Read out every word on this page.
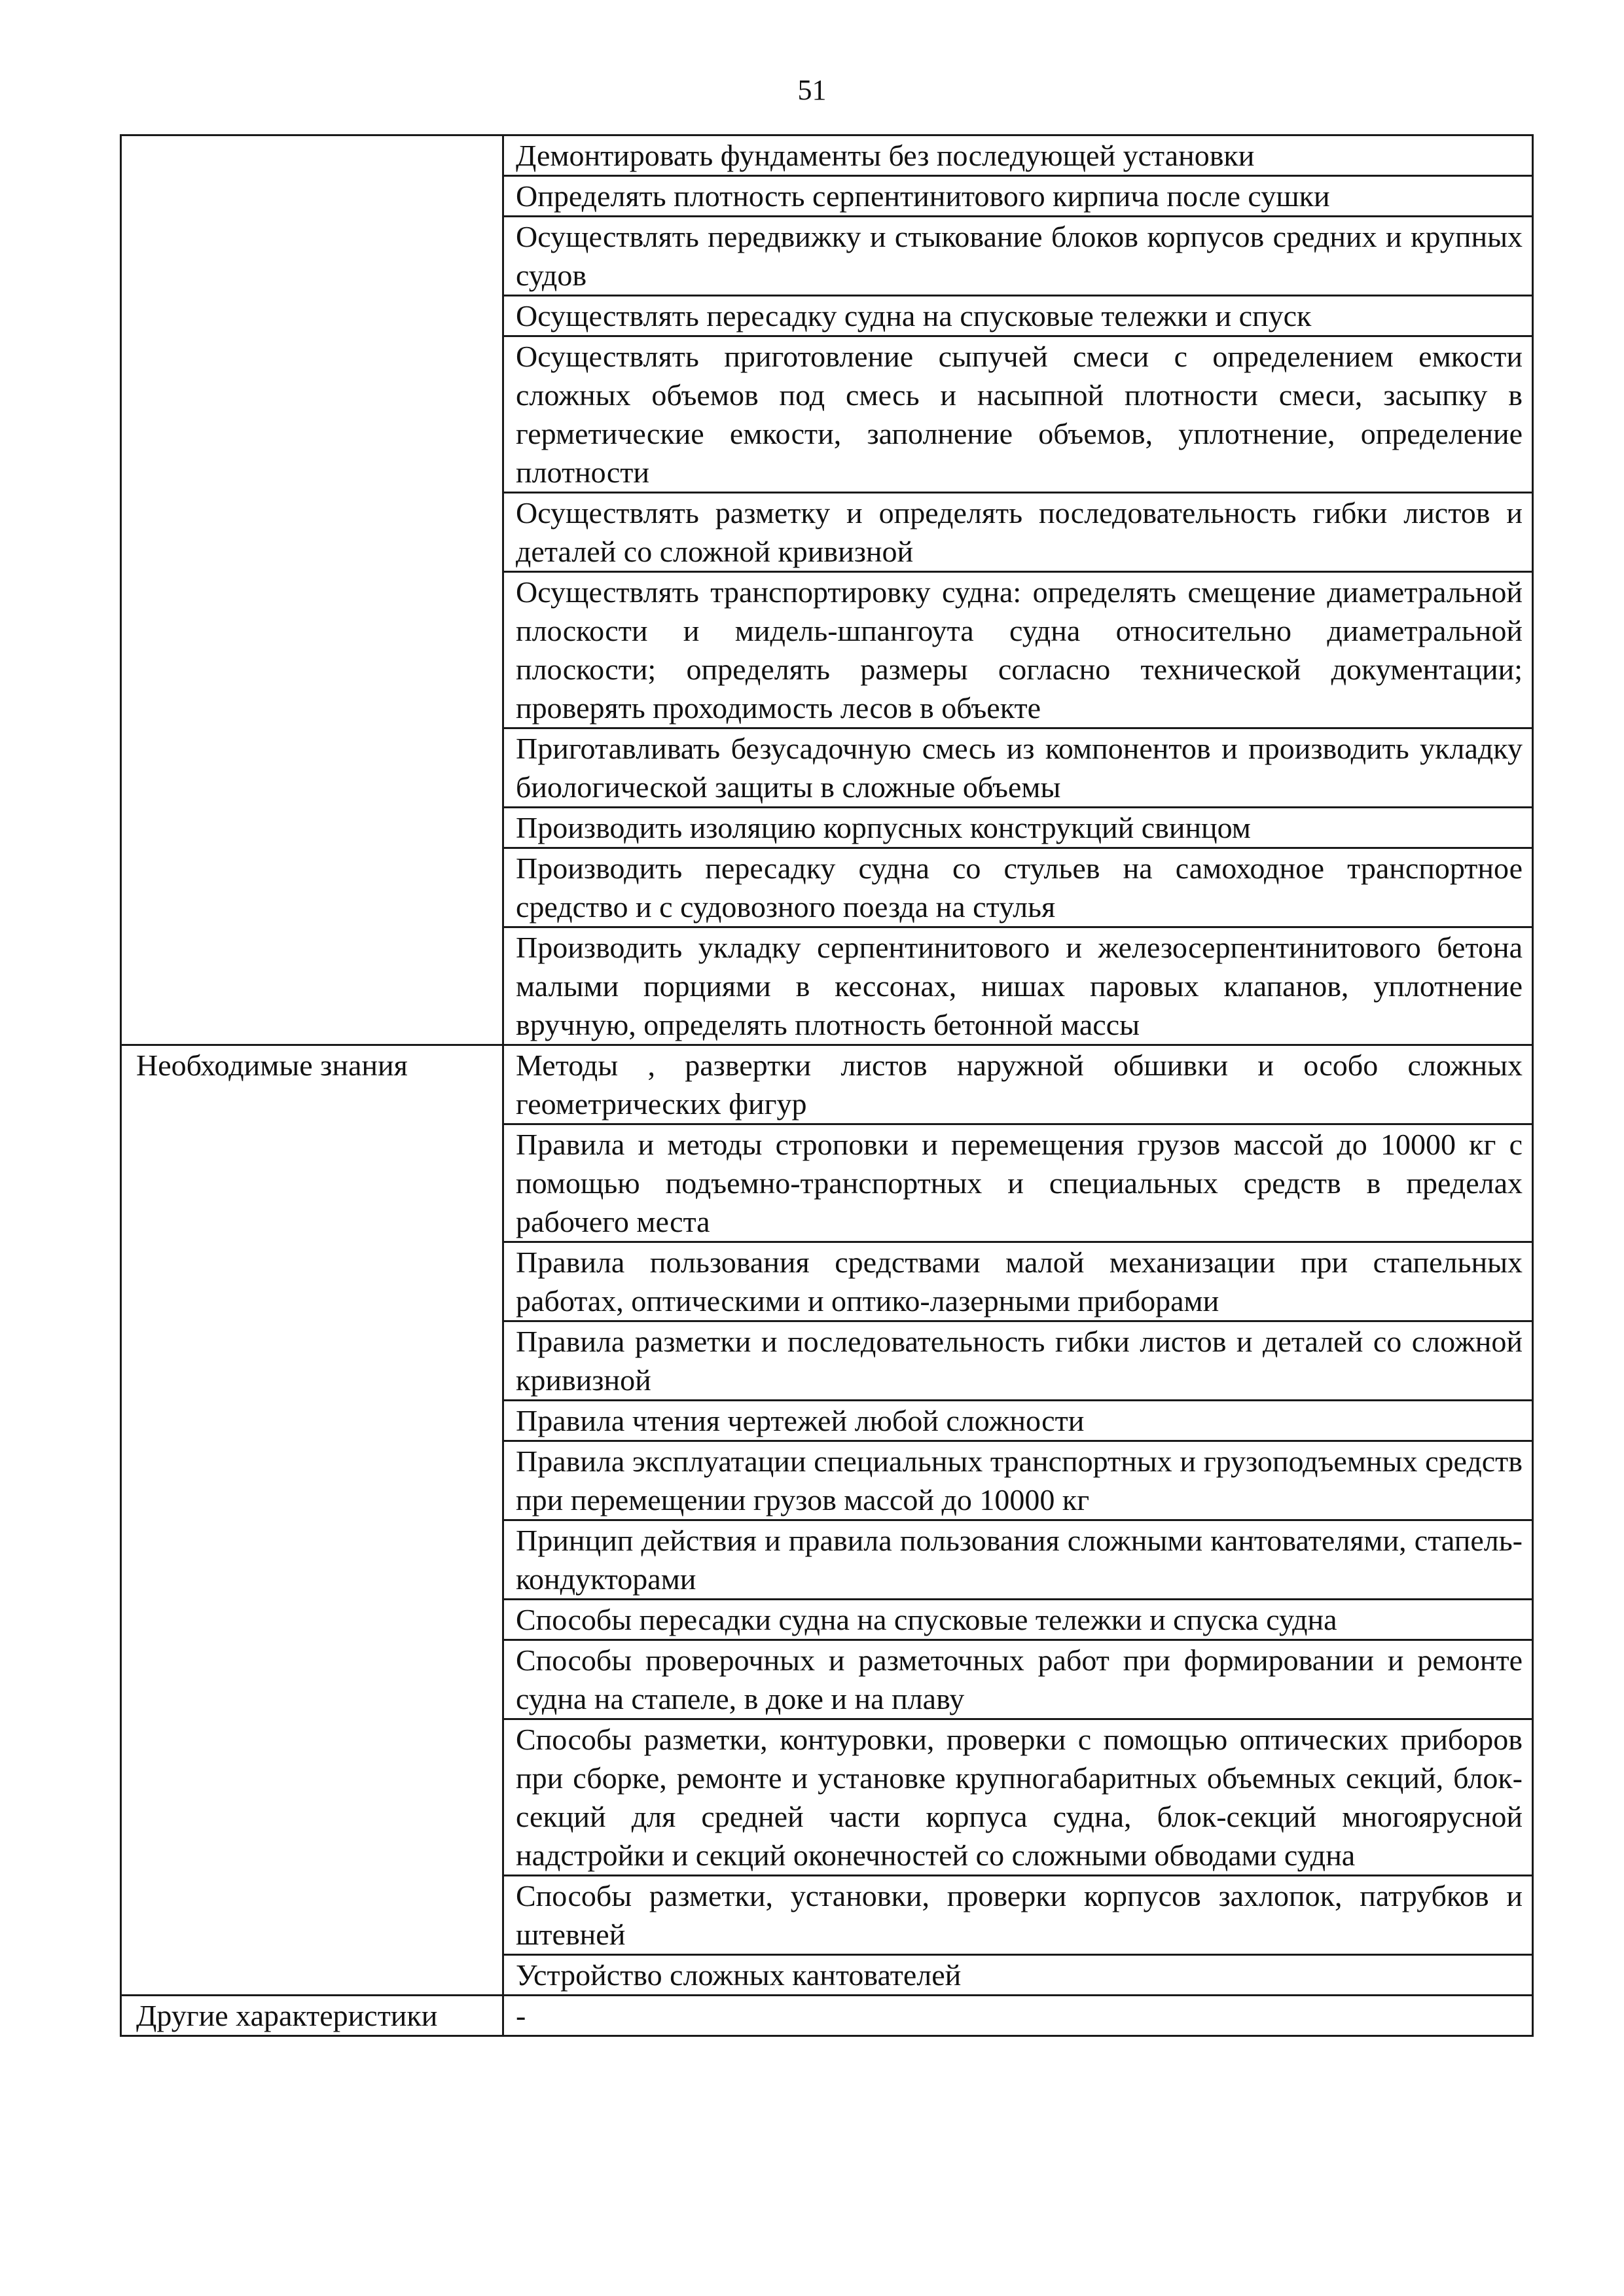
51
	Демонтировать фундаменты без последующей установки
	Определять плотность серпентинитового кирпича после сушки
	Осуществлять передвижку и стыкование блоков корпусов средних и крупных судов
	Осуществлять пересадку судна на спусковые тележки и спуск
	Осуществлять приготовление сыпучей смеси с определением емкости сложных объемов под смесь и насыпной плотности смеси, засыпку в герметические емкости, заполнение объемов, уплотнение, определение плотности
	Осуществлять разметку и определять последовательность гибки листов и деталей со сложной кривизной
	Осуществлять транспортировку судна: определять смещение диаметральной плоскости и мидель-шпангоута судна относительно диаметральной плоскости; определять размеры согласно технической документации; проверять проходимость лесов в объекте
	Приготавливать безусадочную смесь из компонентов и производить укладку биологической защиты в сложные объемы
	Производить изоляцию корпусных конструкций свинцом
	Производить пересадку судна со стульев на самоходное транспортное средство и с судовозного поезда на стулья
	Производить укладку серпентинитового и железосерпентинитового бетона малыми порциями в кессонах, нишах паровых клапанов, уплотнение вручную, определять плотность бетонной массы
Необходимые знания	Методы , развертки листов наружной обшивки и особо сложных геометрических фигур
	Правила и методы строповки и перемещения грузов массой до 10000 кг с помощью подъемно-транспортных и специальных средств в пределах рабочего места
	Правила пользования средствами малой механизации при стапельных работах, оптическими и оптико-лазерными приборами
	Правила разметки и последовательность гибки листов и деталей со сложной кривизной
	Правила чтения чертежей любой сложности
	Правила эксплуатации специальных транспортных и грузоподъемных средств при перемещении грузов массой до 10000 кг
	Принцип действия и правила пользования сложными кантователями, стапель-кондукторами
	Способы пересадки судна на спусковые тележки и спуска судна
	Способы проверочных и разметочных работ при формировании и ремонте судна на стапеле, в доке и на плаву
	Способы разметки, контуровки, проверки с помощью оптических приборов при сборке, ремонте и установке крупногабаритных объемных секций, блок-секций для средней части корпуса судна, блок-секций многоярусной надстройки и секций оконечностей со сложными обводами судна
	Способы разметки, установки, проверки корпусов захлопок, патрубков и штевней
	Устройство сложных кантователей
Другие характеристики	-
